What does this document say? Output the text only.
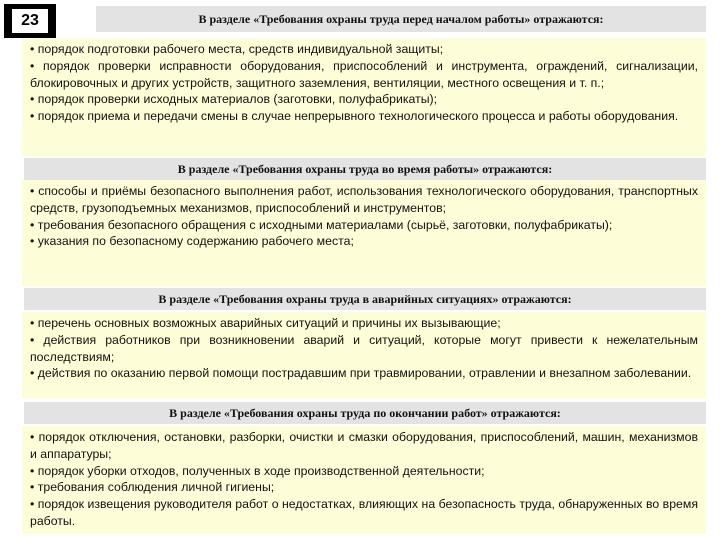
23	В разделе «Требования охраны труда перед началом работы» отражаются:

• порядок подготовки рабочего места, средств индивидуальной защиты;

• порядок проверки исправности оборудования, приспособлений и инструмента, ограждений, сигнализации, блокировочных и других устройств, защитного заземления, вентиляции, местного освещения и т. п.;

• порядок проверки исходных материалов (заготовки, полуфабрикаты);

• порядок приема и передачи смены в случае непрерывного технологического процесса и работы оборудования.

В разделе «Требования охраны труда во время работы» отражаются:

• способы и приёмы безопасного выполнения работ, использования технологического оборудования, транспортных средств, грузоподъемных механизмов, приспособлений и инструментов;

• требования безопасного обращения с исходными материалами (сырьё, заготовки, полуфабрикаты);

• указания по безопасному содержанию рабочего места;

В разделе «Требования охраны труда в аварийных ситуациях» отражаются:

• перечень основных возможных аварийных ситуаций и причины их вызывающие;

• действия работников при возникновении аварий и ситуаций, которые могут привести к нежелательным последствиям;

• действия по оказанию первой помощи пострадавшим при травмировании, отравлении и внезапном заболевании.

В разделе «Требования охраны труда по окончании работ» отражаются:

• порядок отключения, остановки, разборки, очистки и смазки оборудования, приспособлений, машин, механизмов и аппаратуры;

• порядок уборки отходов, полученных в ходе производственной деятельности;

• требования соблюдения личной гигиены;

• порядок извещения руководителя работ о недостатках, влияющих на безопасность труда, обнаруженных во время работы.
